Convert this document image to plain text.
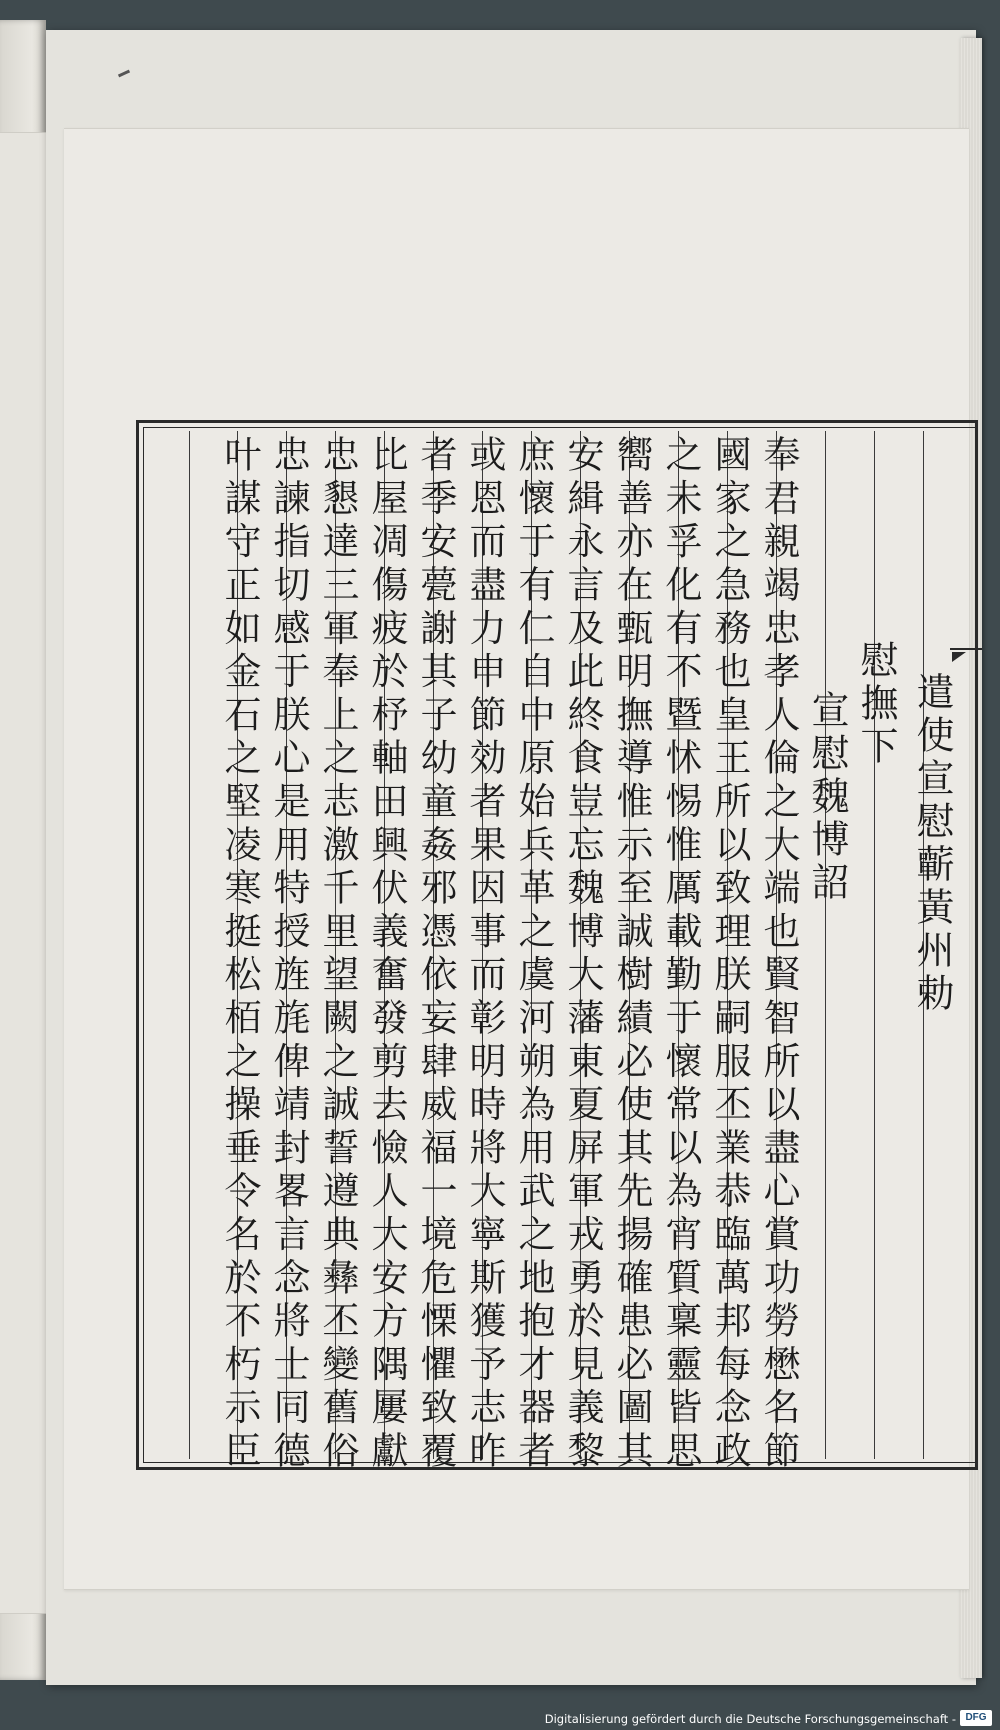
遣使宣慰蘄黃州勅
慰撫下
宣慰魏博詔
奉君親竭忠孝人倫之大端也賢智所以盡心賞功勞懋名節
國家之急務也皇王所以致理朕嗣服丕業恭臨萬邦每念政
之未孚化有不暨怵惕惟厲載勤于懷常以為宵質稟靈皆思
嚮善亦在甄明撫導惟示至誠樹績必使其先揚確患必圖其
安緝永言及此終食豈忘魏博大藩東夏屏軍戎勇於見義黎
庶懷于有仁自中原始兵革之虞河朔為用武之地抱才器者
或恩而盡力申節効者果因事而彰明時將大寧斯獲予志昨
者季安甍謝其子幼童姦邪憑依妄肆威福一境危慄懼致覆
比屋凋傷疲於杼軸田興伏義奮發剪去憸人大安方隅屢獻
忠懇達三軍奉上之志激千里望闕之誠誓遵典彝丕變舊俗
忠諫指切感于朕心是用特授旌旄俾靖封畧言念將士同德
叶謀守正如金石之堅凌寒挺松栢之操垂令名於不朽示臣
Digitalisierung gefördert durch die Deutsche Forschungsgemeinschaft - DFG
